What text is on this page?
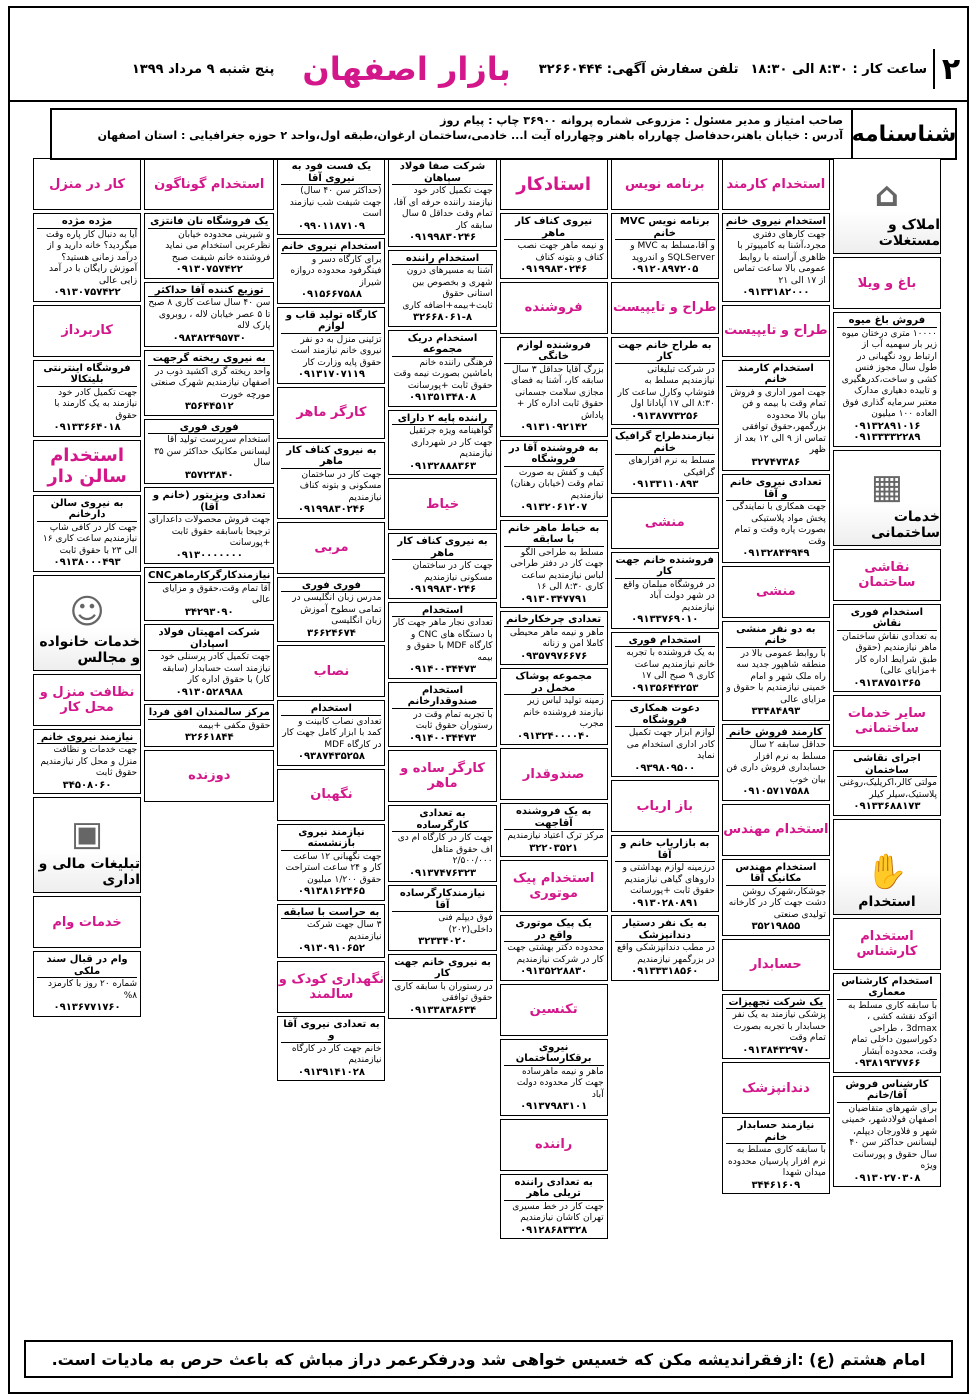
۲
ساعت کار : ۸:۳۰ الی ۱۸:۳۰
تلفن سفارش آگهی: ۳۲۶۶۰۴۴۴
بازار اصفهان
پنج شنبه ۹ مرداد ۱۳۹۹
شناسنامه
صاحب امتیاز و مدیر مسئول : مزروعی شماره پروانه ۳۶۹۰۰ چاپ : پیام روز
آدرس : خیابان باهنر،حدفاصل چهارراه باهنر وچهارراه آیت ا... خادمی،ساختمان ارغوان،طبقه اول،واحد ۲ حوزه جغرافیایی : استان اصفهان
امام هشتم (ع) :ازفقرانديشه مكن كه خسيس خواهى شد ودرفكرعمر دراز مباش كه باعث حرص به ماديات است.
⌂
املاک و مستغلات
باغ و ویلا
فروش باغ میوه
۱۰۰۰۰ متری درختان میوه زیر بار سهمیه آب از ارتباط رود نگهبانی در طول سال مجوز فنس کشی و ساخت،کدرهگیری و تاییده دهیاری مدارک معتبر سرمایه گذاری فوق العاده ۱۰۰ میلیون
۰۹۱۳۲۸۹۱۰۱۶ ۰۹۱۳۳۳۳۲۲۸۹
▦
خدمات ساختمانی
نقاشی ساختمان
استخدام فوری نقاش
به تعدادی نقاش ساختمان ماهر نیازمندیم (حقوق طبق شرایط اداره کار +مزایای عالی)
۰۹۱۳۸۷۵۱۳۶۵
سایر خدمات ساختمانی
اجرای نقاشی ساختمان
مولتی کالر،اکریلیک،روغنی پلاستیک،سیلر کیلر
۰۹۱۳۳۶۸۸۱۷۳
✋
استخدام
استخدام کارشناس
استخدام کارشناس معماری
با سابقه کاری مسلط به اتوکد نقشه کشی ، 3dmax ، طراحی دکوراسیون داخلی تمام وقت، محدوده آبشار
۰۹۳۸۱۹۳۷۷۶۶
کارشناس فروش آقا/خانم
برای شهرهای متقاضیان اصفهان فولادشهر، خمینی شهر و فلاورجان دیپلم، لیسانس حداکثر سن ۴۰ سال حقوق و پورسانت ویژه
۰۹۱۳۰۲۷۰۳۰۸
استخدام کارمند
استخدام نیروی خانم
جهت کارهای دفتری مجرد،آشنا به کامپیوتر با ظاهری آراسته با روابط عمومی بالا ساعت تماس از ۱۷ الی ۲۱
۰۹۱۳۳۱۸۲۰۰۰
طراح و تایپیست
استخدام کارمند خانم
جهت امور اداری و فروش تمام وقت با بیمه و فن بیان بالا محدوده بزرگمهر،حقوق توافقی تماس از ۹ الی ۱۲ بعد از ظهر
۳۲۷۴۷۳۸۶
تعدادی نیروی خانم و آقا
جهت همکاری با نمایندگی پخش مواد پلاستیکی بصورت پاره وقت و تمام وقت
۰۹۱۳۲۸۴۴۹۴۹
منشی
به دو نفر منشی خانم
با روابط عمومی بالا در منطقه شاهپور جدید سه راه ملک شهر و امام خمینی نیازمندیم با حقوق و مزایای عالی
۳۳۴۸۴۸۹۳
کارمند فروش خانم
حداقل سابقه ۲ سال مسلط به نرم افزار حسابداری فروش داری فن بیان خوب
۰۹۱۰۵۷۱۷۵۸۸
استخدام مهندس
استخدام مهندس مکانیک آقا
جوشکار،شهرک روشن دشت جهت کار در کارخانه تولیدی صنعتی
۳۵۲۱۹۸۵۵
حسابدار
یک شرکت تجهیزات
پزشکی نیازمند به یک نفر حسابدار با تجربه بصورت تمام وقت
۰۹۱۳۸۴۳۲۹۷۰
دندانپزشک
نیازمند حسابدار خانم
با سابقه کاری مسلط به نرم افزار پارسیان محدوده میدان شهدا
۳۴۴۶۱۶۰۹
برنامه نویس
برنامه نویس MVC خانم
و آقا،مسلط به MVC و SQLServer و اندروید
۰۹۱۲۰۸۹۷۲۰۵
طراح و تایپیست
به طراح خانم جهت کار
در شرکت تبلیغاتی نیازمندیم مسلط به فتوشاپ وکارل ساعت کار ۸:۳۰ الی ۱۷ آپادانا اول
۰۹۱۳۸۷۷۳۲۵۶
نیازمندطراح گرافیک خانم
مسلط به نرم افزارهای گرافیکی
۰۹۱۳۳۱۱۰۸۹۳
منشی
فروشنده خانم جهت کار
در فروشگاه مبلمان واقع در شهر دولت آباد نیازمندیم
۰۹۱۳۳۷۶۹۰۱۰
استخدام فوری
به یک فروشنده با تجربه خانم نیازمندیم ساعت کاری ۹ صبح الی ۱۷
۰۹۱۳۵۶۴۴۲۵۳
دعوت همکاری فروشگاه
لوازم ابزار جهت تکمیل کادر اداری استخدام می نماید
۰۹۳۹۸۰۹۵۰۰
باز اریاب
به بازاریاب خانم و آقا
درزمینه لوازم بهداشتی و داروهای گیاهی نیازمندیم حقوق ثابت +پورسانت
۰۹۱۳۰۲۸۰۸۹۱
به یک نفر دستیار دندانپزشک
در مطب دندانپزشکی واقع در بزرگمهر نیازمندیم
۰۹۱۳۳۳۱۸۵۶۰
استادکار
نیروی کناف کار ماهر
و نیمه ماهر جهت نصب کناف و بتونه کناف
۰۹۱۹۹۸۳۰۲۴۶
فروشنده
فروشنده لوازم خانگی
بزرگ آقایا حداقل ۳ سال سابقه کار، آشنا به فضای مجازی سلامت جسمانی حقوق ثابت اداره کار + پاداش
۰۹۱۳۱۰۹۲۱۴۲
به فروشنده آقا در فروشگاه
کیف و کفش به صورت تمام وقت (خیابان رهنان) نیازمندیم
۰۹۱۳۲۰۶۱۲۰۷
به خیاط ماهر خانم با سابقه
مسلط به طراحی الگو جهت کار در دفتر طراحی لباس نیازمندیم ساعت کاری ۸:۳۰ الی ۱۶
۰۹۱۳۰۳۴۷۷۹۱
تعدادی چرخکارخانم
ماهر و نیمه ماهر محیطی کاملا امن و زنانه
۰۹۳۵۷۹۷۶۶۷۶
مجموعه پوشاک مخمل در
زمینه تولید لباس زیر نیازمند فروشنده خانم مجرب
۰۹۱۳۲۴۰۰۰۰۴۰
صندوقدار
به یک فروشنده آقاجهت
مرکز ترک اعتیاد نیازمندیم
۳۲۲۰۳۵۲۱
استخدام پیک موتوری
یک پیک موتوری واقع در
محدوده دکتر بهشتی جهت کار در شرکت نیازمندیم
۰۹۱۳۵۲۲۸۸۳۰
تکنسین
نیروی برقکارساختمان
ماهر و نیمه ماهرساده جهت کار محدوده دولت آباد
۰۹۱۳۷۹۸۳۱۰۱
راننده
به تعدادی راننده تریلی ماهر
جهت کار در خط مسیری تهران کاشان نیازمندیم
۰۹۱۲۸۶۸۳۳۲۸
شرکت صفا فولاد سپاهان
جهت تکمیل کادر خود نیازمند راننده حرفه ای آقا، تمام وقت حداقل ۵ سال سابقه کار
۰۹۱۹۹۸۳۰۲۴۶
استخدام راننده
آشنا به مسیرهای درون شهری و بخصوص بین استانی حقوق ثابت+بیمه+اضافه کاری
۳۲۶۶۸۰۶۱-۸
استخدام دریک مجموعه
فرهنگی راننده خانم باماشین بصورت نیمه وقت حقوق ثابت +پورسانت
۰۹۱۳۵۱۳۴۸۰۸
راننده پایه ۲ دارای
گواهینامه ویژه جرثقیل جهت کار در شهرداری نیازمندیم
۰۹۱۳۲۸۸۸۳۶۳
خیاط
به نیروی کناف کار ماهر
جهت کار در ساختمان مسکونی نیازمندیم
۰۹۱۹۹۸۳۰۲۴۶
استخدام
تعدادی نجار ماهر جهت کار با دستگاه های CNC و کارگاه MDF با حقوق و بیمه
۰۹۱۴۰۰۳۴۴۷۳
استخدام صندوقدارخانم
با تجربه تمام وقت در رستوران حقوق ثابت
۰۹۱۴۰۰۳۴۴۷۳
کارگر ساده و ماهر
به تعدادی کارگرساده
جهت کار در کارگاه ام دی اف حقوق متاهل ۲/۵۰۰/۰۰۰
۰۹۱۳۷۴۷۶۳۲۳
نیازمندکارگرساده آقا
فوق دیپلم فنی داخلی(۲۰۲)
۳۲۳۳۴۰۲۰
به نیروی خانم جهت کار
در رستوران با سابقه کاری حقوق توافقی
۰۹۱۳۳۸۳۸۶۳۴
یک فست فود به نیروی آقا
(حداکثر سن ۴۰ سال) جهت شیفت شب نیازمند است
۰۹۹۰۱۱۸۷۱۰۹
استخدام نیروی خانم
برای کارگاه دسر و فینگرفود محدوده دروازه شیراز
۰۹۱۵۶۶۷۵۸۸
کارگاه تولید قاب و لوازم
تزئینی منزل به دو نفر نیروی خانم نیازمند است حقوق پایه وزارت کار
۰۹۱۳۱۷۰۷۱۱۹
کارگر ماهر
به نیروی کناف کار ماهر
جهت کار در ساختمان مسکونی و بتونه کناف نیازمندیم
۰۹۱۹۹۸۳۰۲۴۶
مربی
فوری فوری
مدرس زبان انگلیسی در تمامی سطوح آموزش زبان انگلیسی
۳۶۶۲۴۶۷۴
نصاب
استخدام
تعدادی نصاب کابینت و کمد با ابزار کامل جهت کار در کارگاه MDF
۰۹۳۸۷۴۳۵۲۵۸
نگهبان
نیازمند نیروی بازنشسته
جهت نگهبانی ۱۲ ساعت کار و ۲۴ ساعت استراحت حقوق ۱/۲۰۰ میلیون
۰۹۱۳۸۱۶۲۴۶۵
به حراست با سابقه
۳ سال جهت شرکت نیازمندیم
۰۹۱۳۰۹۱۰۶۵۲
نگهداری کودک و سالمند
به تعدادی نیروی آقا و
خانم جهت کار در کارگاه نیازمندیم
۰۹۱۳۹۱۴۱۰۲۸
استخدام گوناگون
یک فروشگاه نان فانتزی
و شیرینی محدوده خیابان نظرعربی استخدام می نماید فروشنده خانم شیفت صبح
۰۹۱۳۰۷۵۷۴۲۲
توزیع کننده آقا حداکثر
سن ۴۰ سال ساعت کاری ۸ صبح تا ۵ عصر خیابان لاله ، روبروی پارک لاله
۰۹۸۳۸۲۴۹۵۷۳۰
به نیروی ریخته گرجهت
واحد ریخته گری اکشید ذوب در اصفهان نیازمندیم شهرک صنعتی مورچه خورت
۳۵۶۴۴۵۱۲
فوری فوری
استخدام سرپرست تولید آقا لیسانس مکانیک حداکثر سن ۳۵ سال
۳۵۷۲۳۸۴۰
تعدادی ویزیتور (خانم و آقا)
جهت فروش محصولات داعدارای ترجیحا باسابقه حقوق ثابت +پورسانت
۰۹۱۳۰۰۰۰۰۰۰
نیازمندکارگرکارماهرCNC
آقا تمام وقت،حقوق و مزایای عالی
۳۴۲۹۳۰۹۰
شرکت امهیتان فولاد اسپادان
جهت تکمیل کادر پرسنلی خود نیازمند است حسابدار (سابقه کار) با حقوق اداره کار
۰۹۱۳۰۵۲۸۹۸۸
مرکز سالمندان افق فردا
حقوق مکفی +بیمه
۳۲۶۶۱۸۴۴
دوزنده
کار در منزل
مژده مژده
آیا به دنبال کار پاره وقت میگردید؟ خانه دارید و از درآمد زمانی هستید؟ آموزش رایگان با در آمد زایی عالی
۰۹۱۳۰۷۵۷۴۲۲
کاربرداز
فروشگاه اینترنتی بلیتکالا
جهت تکمیل کادر خود نیازمند به یک کارمند با حقوق
۰۹۱۳۳۶۶۴۰۱۸
استخدام سالن دار
به نیروی سالن دارخانم
جهت کار در کافی شاپ نیازمندیم ساعت کاری ۱۶ الی ۲۳ با حقوق ثابت
۰۹۱۳۸۰۰۰۴۹۳
☺
خدمات خانواده و مجالس
نظافت منزل و محل کار
نیازمند نیروی خانم
جهت خدمات و نظافت منزل و محل کار نیازمندیم حقوق ثابت
۳۴۵۰۸۰۶۰
▣
تبلیغات مالی و اداری
خدمات وام
وام در قبال سند ملکی
شماره ۲۰ روز با کارمزد ۸%
۰۹۱۳۶۷۷۱۷۶۰
